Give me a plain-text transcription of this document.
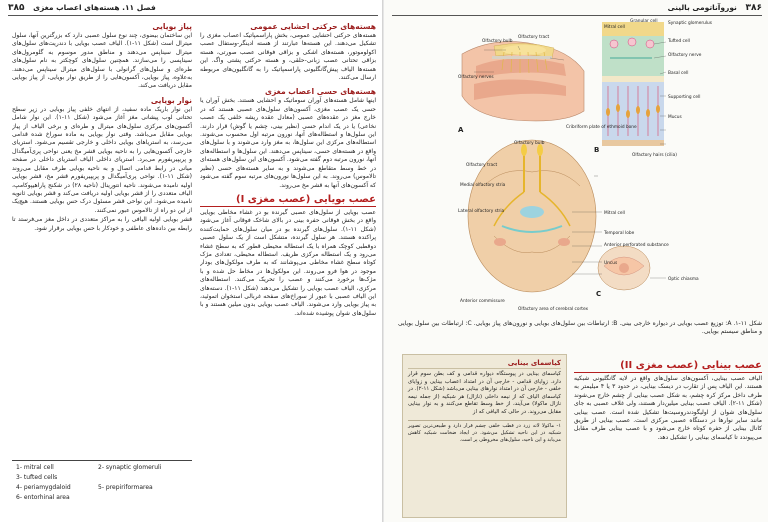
۳۸۵ فصل ۱۱. هسته‌های اعصاب مغزی
هسته‌های حرکتی احشایی عمومی
هسته‌های حرکتی احشایی عمومی، بخش پاراسمپاتیک اعصاب مغزی را تشکیل می‌دهند. این هسته‌ها عبارتند از هسته ادینگر-وستفال عصب اکولوموتور، هسته‌های اشکی و بزاقی فوقانی عصب صورتی، هسته بزاقی تحتانی عصب زبانی-حلقی، و هسته حرکتی پشتی واگ. این هسته‌ها الیاف پیش‌گانگلیونی پاراسمپاتیک را به گانگلیون‌های مربوطه ارسال می‌کنند.
هسته‌های حسی اعصاب مغزی
اینها شامل هسته‌های آوران سوماتیک و احشایی هستند. بخش آوران یا حسی یک عصب مغزی، آکسون‌های سلول‌های عصبی هستند که در خارج مغز در عقده‌های عصبی (معادل عقده ریشه خلفی یک عصب نخاعی) یا در یک اندام حسی (نظیر بینی، چشم یا گوش) قرار دارند. این سلول‌ها و استطاله‌های آنها، نورون مرتبه اول محسوب می‌شوند. استطاله‌های مرکزی این سلول‌ها، به مغز وارد می‌شوند و با سلول‌های واقع در هسته‌های حسی، سیناپس می‌دهند. این سلول‌ها و استطاله‌های آنها، نورون مرتبه دوم گفته می‌شود. آکسون‌های این سلول‌های هسته‌ای در خط وسط متقاطع می‌شوند و به سایر هسته‌های حسی (نظیر تالاموس) می‌روند. به این سلول‌ها نورون‌های مرتبه سوم گفته می‌شود که آکسون‌های آنها به قشر مخ می‌روند.
عصب بویایی (عصب مغزی I)
عصب بویایی از سلول‌های عصبی گیرنده بو در غشاء مخاطی بویایی واقع در بخش فوقانی حفره بینی در بالای شاخک فوقانی آغاز می‌شود (شکل ۱۱-۱). سلول‌های گیرنده بو در میان سلول‌های حمایت‌کننده پراکنده هستند. هر سلول گیرنده، متشکل است از یک سلول عصبی دوقطبی کوچک همراه با یک استطاله محیطی قطور که به سطح غشاء می‌رود و یک استطاله مرکزی ظریف. استطاله محیطی، تعدادی مژک کوتاه سطح غشاء مخاطی می‌پوشانند که به طرف مولکول‌های بودار موجود در هوا فرو می‌روند. این مولکول‌ها در مخاط حل شده و با مژک‌ها برخورد می‌کنند و عصب را تحریک می‌کنند. استطاله‌های مرکزی، الیاف عصب بویایی را تشکیل می‌دهند (شکل ۱۱-۱). دسته‌های این الیاف عصبی با عبور از سوراخ‌های صفحه غربالی استخوان اتموئید، به پیاز بویایی وارد می‌شوند. الیاف عصب بویایی بدون میلین هستند و با سلول‌های شوان پوشیده شده‌اند.
پیاز بویایی
این ساختمان بیضوی، چند نوع سلول عصبی دارد که بزرگترین آنها، سلول میترال است (شکل ۱۱-۱). الیاف عصب بویایی با دندریت‌های سلول‌های میترال سیناپس می‌دهند و مناطق مدور موسوم به گلومرول‌های سیناپسی را می‌سازند. همچنین سلول‌های کوچکتر به نام سلول‌های طره‌ای و سلول‌های گرانولی با سلول‌های میترال سیناپس می‌دهند. به‌علاوه، پیاز بویایی، آکسون‌هایی را از طریق نوار بویایی، از پیاز بویایی مقابل دریافت می‌کند.
نوار بویایی
این نوار باریک ماده سفید، از انتهای خلفی پیاز بویایی در زیر سطح تحتانی لوب پیشانی مغز آغاز می‌شود (شکل ۱۱-۱). این نوار شامل آکسون‌های مرکزی سلول‌های میترال و طره‌ای و برخی الیاف از پیاز بویایی مقابل می‌باشد. وقتی نوار بویایی به ماده سوراخ شده قدامی می‌رسد، به استریاهای بویایی داخلی و خارجی تقسیم می‌شود. استریای خارجی آکسون‌هایی را به ناحیه بویایی قشر مخ یعنی نواحی پری‌آمیگدال و پریپیریفورم می‌برد. استریای داخلی الیاف استریای داخلی در صفحه میانی در رابط قدامی اتصال و به ناحیه بویایی طرف مقابل می‌روند (شکل ۱۱-۱). نواحی پری‌آمیگدال و پریپیریفورم قشر مخ، قشر بویایی اولیه نامیده می‌شوند. ناحیه انتورینال (ناحیه ۲۸) در شکنج پاراهیپوکامپ، الیاف متعددی را از قشر بویایی اولیه دریافت می‌کند و قشر بویایی ثانویه نامیده می‌شود. این نواحی قشر مسئول درک حس بویایی هستند. هیچ‌یک از این دو راه از تالاموس عبور نمی‌کنند.
قشر بویایی اولیه الیافی را به مراکز متعددی در داخل مغز می‌فرستد تا رابطه بین داده‌های عاطفی و خودکار با حس بویایی برقرار شود.
1- mitral cell	2- synaptic glomeruli
3- tufted cells
4- periamygdaloid	5- prepiriformarea
6- entorhinal area
۳۸۶ نوروآناتومی بالینی
Olfactory bulb
Olfactory tract
Olfactory nerves
Cribriform plate of ethmoid bone
Mitral cell
Granular cell Synaptic glomerulus
Tufted cell
Olfactory nerve
Basal cell
Supporting cell
Mucus
Olfactory hairs (cilia)
Olfactory bulb
Olfactory tract
Medial olfactory stria
Lateral olfactory stria	Mitral cell
Temporal lobe
Anterior perforated substance
Uncus
Optic chiasma
Anterior commissure
Olfactory area of cerebral cortex
A
B
C
شکل ۱۱-۱. A: توزیع عصب بویایی در دیواره خارجی بینی. B: ارتباطات بین سلول‌های بویایی و نورون‌های پیاز بویایی. C: ارتباطات بین سلول بویایی و مناطق سیستم بویایی.
کیاسمای بینایی
کیاسمای بینایی در پیوستگاه دیواره قدامی و کف بطن سوم قرار دارد. زوایای قدامی - خارجی آن در امتداد اعصاب بینایی و زوایای خلفی - خارجی آن در امتداد نوارهای بینایی می‌باشد (شکل ۱۱-۲). در کیاسمای الیاف که از نیمه داخلی (نازال) هر شبکیه (از جمله نیمه نازال ماکولا) می‌آیند، از خط وسط تقاطع می‌کنند و به نوار بینایی مقابل می‌روند. در حالی که الیافی که از
۱- ماکولا لاته زرد در قطب خلفی چشم قرار دارد و طبیعی‌ترین تصویر شبکیه در این ناحیه تشکیل می‌شود. در ایجاد ضخامت شبکیه کاهش می‌یابد و این ناحیه، سلول‌های مخروطی پر است.
عصب بینایی (عصب مغزی II)
الیاف عصب بینایی، آکسون‌های سلول‌های واقع در لایه گانگلیونی شبکیه هستند. این الیاف پس از تقارب در دیسک بینایی، در حدود ۳ یا ۴ میلیمتر به طرف داخل مرکز کره چشم، به شکل عصب بینایی از چشم خارج می‌شوند (شکل ۱۱-۲). الیاف عصب بینایی میلین‌دار هستند، ولی غلاف عصبی به جای سلول‌های شوان از اولیگودندروسیت‌ها تشکیل شده است. عصب بینایی مانند سایر نوارها در دستگاه عصبی مرکزی است. عصب بینایی از طریق کانال بینایی از حفره کوتاه خارج می‌شود و با عصب بینایی طرف مقابل می‌پیوندد تا کیاسمای بینایی را تشکیل دهد.
